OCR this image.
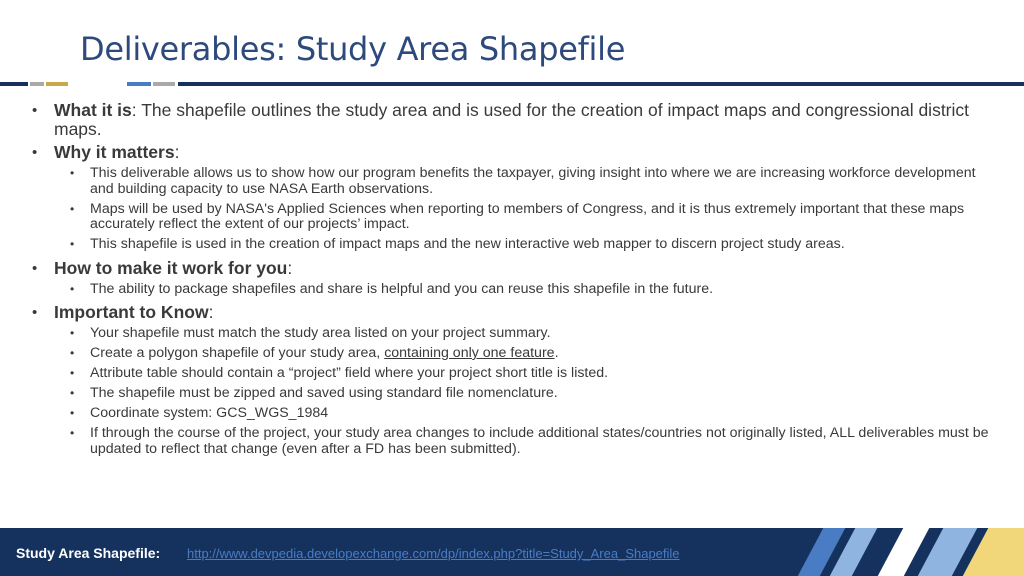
Deliverables: Study Area Shapefile
• What it is: The shapefile outlines the study area and is used for the creation of impact maps and congressional district maps.
• Why it matters:
• This deliverable allows us to show how our program benefits the taxpayer, giving insight into where we are increasing workforce development and building capacity to use NASA Earth observations.
• Maps will be used by NASA's Applied Sciences when reporting to members of Congress, and it is thus extremely important that these maps accurately reflect the extent of our projects’ impact.
• This shapefile is used in the creation of impact maps and the new interactive web mapper to discern project study areas.
• How to make it work for you:
• The ability to package shapefiles and share is helpful and you can reuse this shapefile in the future.
• Important to Know:
• Your shapefile must match the study area listed on your project summary.
• Create a polygon shapefile of your study area, containing only one feature.
• Attribute table should contain a “project” field where your project short title is listed.
• The shapefile must be zipped and saved using standard file nomenclature.
• Coordinate system: GCS_WGS_1984
• If through the course of the project, your study area changes to include additional states/countries not originally listed, ALL deliverables must be updated to reflect that change (even after a FD has been submitted).
Study Area Shapefile: http://www.devpedia.developexchange.com/dp/index.php?title=Study_Area_Shapefile
